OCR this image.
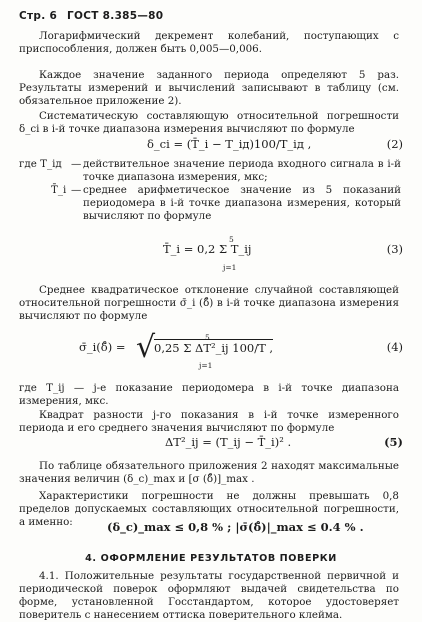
Стр. 6 ГОСТ 8.385—80
Логарифмический декремент колебаний, поступающих с приспособления, должен быть 0,005—0,006.
Каждое значение заданного периода определяют 5 раз. Результаты измерений и вычислений записывают в таблицу (см. обязательное приложение 2).
Систематическую составляющую относительной погрешности δ_ci в i-й точке диапазона измерения вычисляют по формуле
δ_ci = (T̄_i − T_iд)100/T_iд ,	(2)
где T_iд — действительное значение периода входного сигнала в i-й точке диапазона измерения, мкс;
T̄_i — среднее арифметическое значение из 5 показаний периодомера в i-й точке диапазона измерения, который вычисляют по формуле
T̄_i = 0,2 Σ T_ij
5
j=1
(3)
Среднее квадратическое отклонение случайной составляющей относительной погрешности σ̄_i (δ̊) в i-й точке диапазона измерения вычисляют по формуле
σ̄_i(δ̊) = √
0,25 Σ ΔT²_ij 100/T ,
5
j=1
(4)
где T_ij — j-е показание периодомера в i-й точке диапазона измерения, мкс.
Квадрат разности j-го показания в i-й точке измеренного периода и его среднего значения вычисляют по формуле
ΔT²_ij = (T_ij − T̄_i)² .	(5)
По таблице обязательного приложения 2 находят максимальные значения величин (δ_c)_max и [σ (δ̊)]_max .
Характеристики погрешности не должны превышать 0,8 пределов допускаемых составляющих относительной погрешности, а именно:	(δ_c)_max ≤ 0,8 % ; |σ̄(δ̊)|_max ≤ 0.4 % .
4. ОФОРМЛЕНИЕ РЕЗУЛЬТАТОВ ПОВЕРКИ
4.1. Положительные результаты государственной первичной и периодической поверок оформляют выдачей свидетельства по форме, установленной Госстандартом, которое удостоверяет поверитель с нанесением оттиска поверительного клейма.
